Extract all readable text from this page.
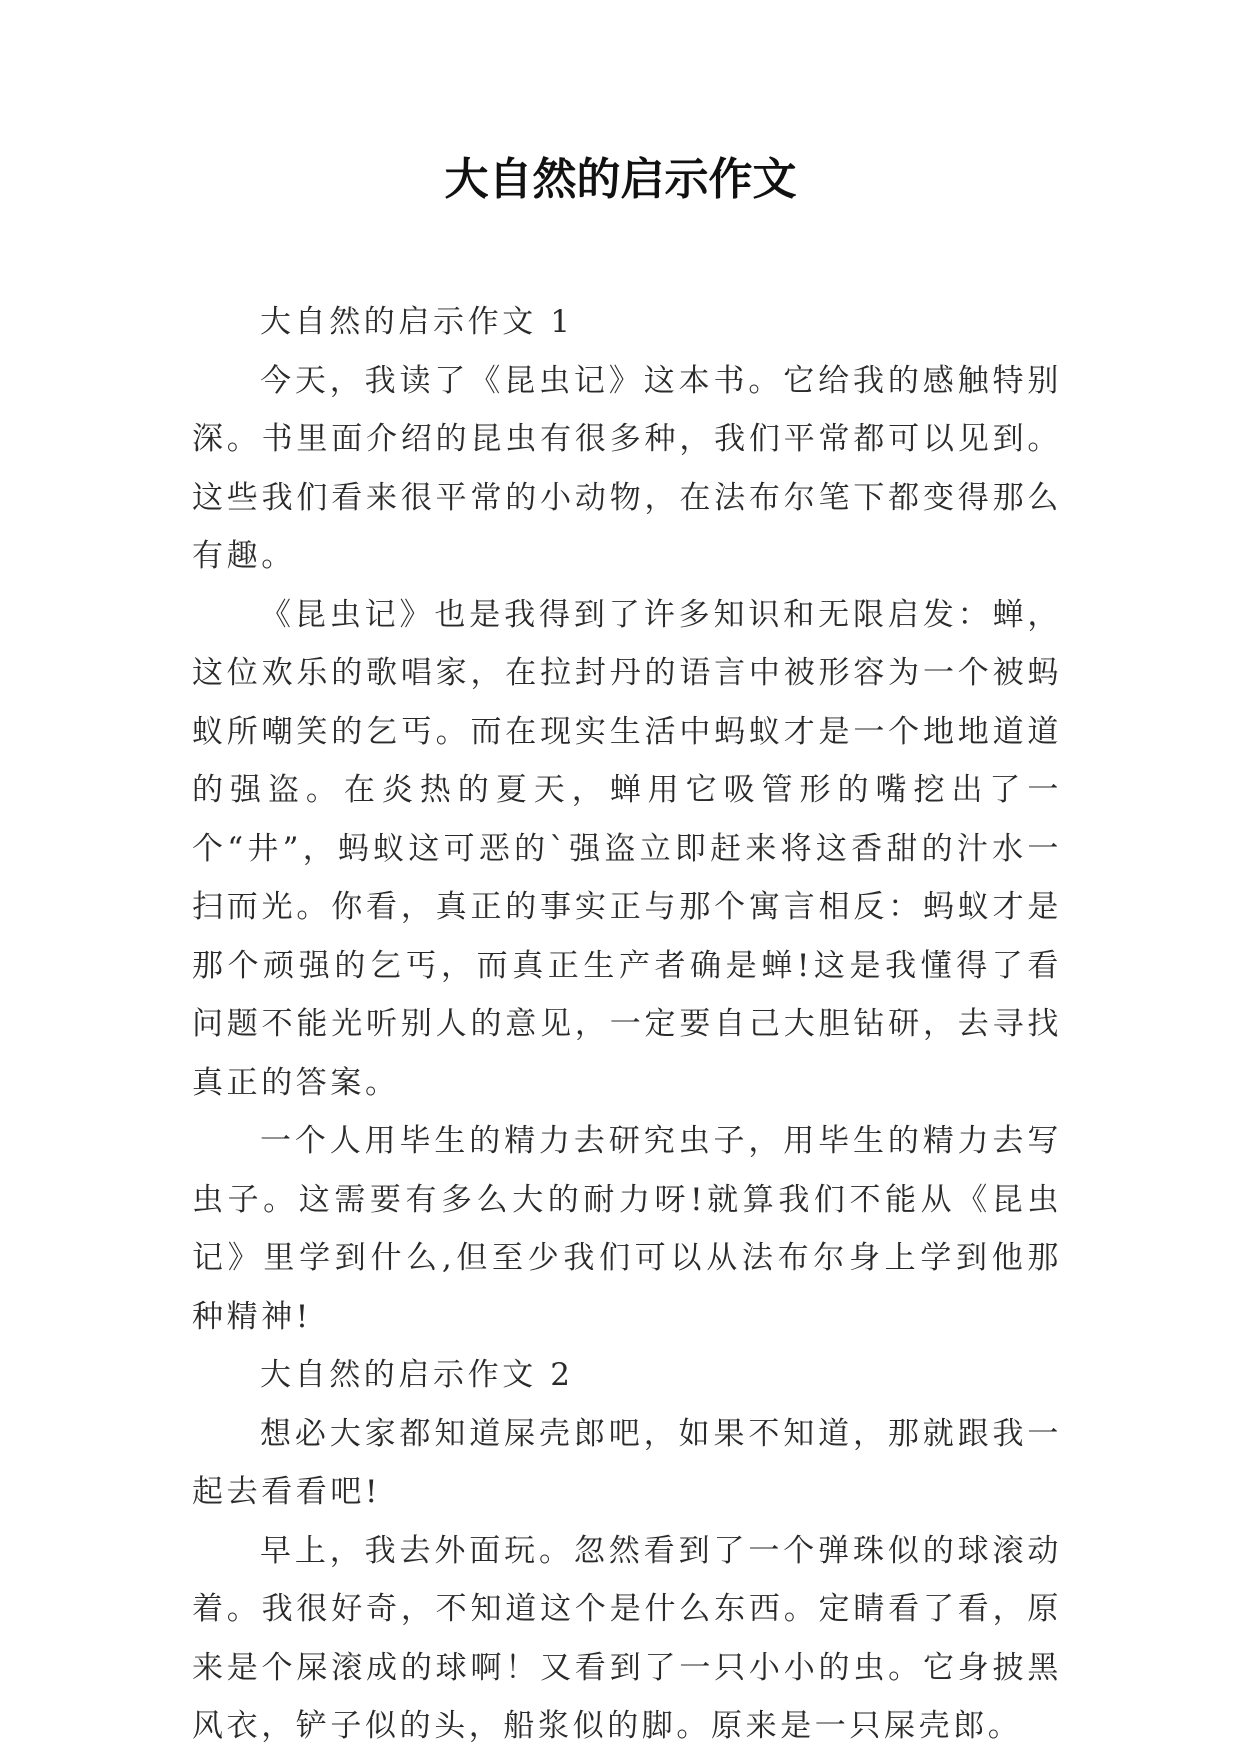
大自然的启示作文

大自然的启示作文 1

今天，我读了《昆虫记》这本书。它给我的感触特别深。书里面介绍的昆虫有很多种，我们平常都可以见到。这些我们看来很平常的小动物，在法布尔笔下都变得那么有趣。

《昆虫记》也是我得到了许多知识和无限启发：蝉，这位欢乐的歌唱家，在拉封丹的语言中被形容为一个被蚂蚁所嘲笑的乞丐。而在现实生活中蚂蚁才是一个地地道道的强盗。在炎热的夏天，蝉用它吸管形的嘴挖出了一个“井”，蚂蚁这可恶的`强盗立即赶来将这香甜的汁水一扫而光。你看，真正的事实正与那个寓言相反：蚂蚁才是那个顽强的乞丐，而真正生产者确是蝉!这是我懂得了看问题不能光听别人的意见，一定要自己大胆钻研，去寻找真正的答案。

一个人用毕生的精力去研究虫子，用毕生的精力去写虫子。这需要有多么大的耐力呀!就算我们不能从《昆虫记》里学到什么,但至少我们可以从法布尔身上学到他那种精神!

大自然的启示作文 2

想必大家都知道屎壳郎吧，如果不知道，那就跟我一起去看看吧!

早上，我去外面玩。忽然看到了一个弹珠似的球滚动着。我很好奇，不知道这个是什么东西。定睛看了看，原来是个屎滚成的球啊！又看到了一只小小的虫。它身披黑风衣，铲子似的头，船浆似的脚。原来是一只屎壳郎。
